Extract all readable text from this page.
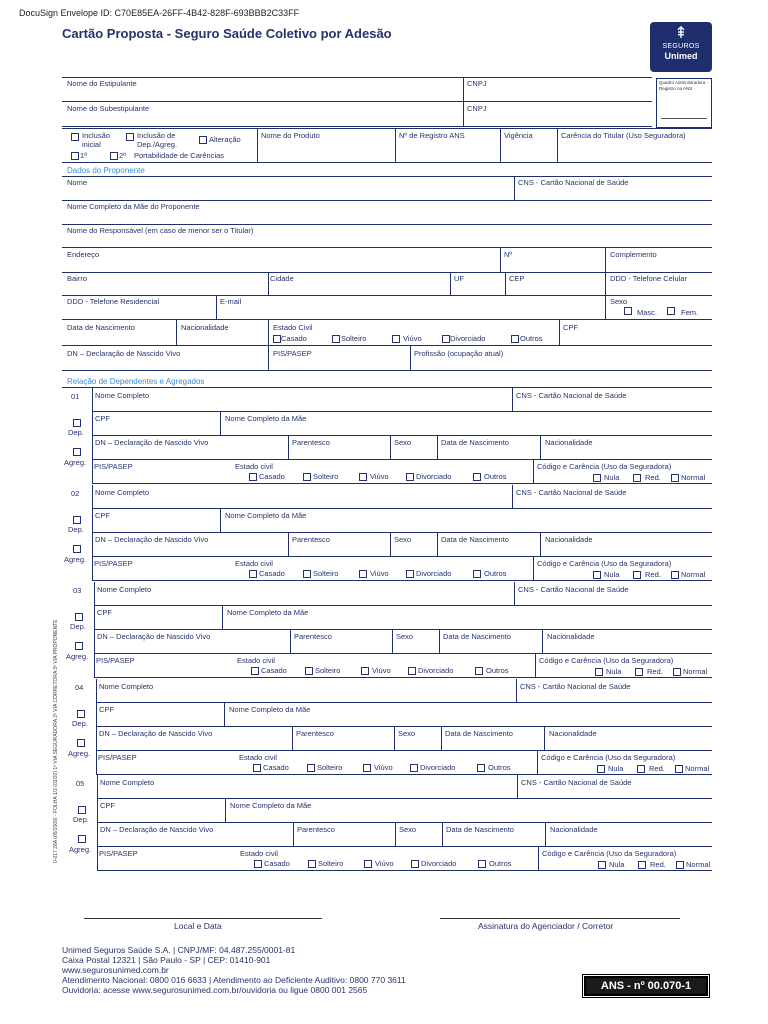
DocuSign Envelope ID: C70E85EA-26FF-4B42-828F-693BBB2C33FF
Cartão Proposta - Seguro Saúde Coletivo por Adesão	⇞
SEGUROS
Unimed
Quadro Administradora - Registro na ANS
Nome do Estipulante	CNPJ
Nome do Subestipulante	CNPJ
Inclusão inicial
Inclusão de Dep./Agreg.
Alteração
1ª	2ª Portabilidade de Carências
Nome do Produto	Nº de Registro ANS	Vigência	Carência do Titular (Uso Seguradora)
Dados do Proponente
Nome	CNS - Cartão Nacional de Saúde
Nome Completo da Mãe do Proponente
Nome do Responsável (em caso de menor ser o Titular)
Endereço	Nº	Complemento
Bairro	Cidade	UF	CEP	DDD - Telefone Celular
DDD - Telefone Residencial	E-mail	Sexo
Masc.	Fem.
Data de Nascimento	Nacionalidade	Estado Civil
Casado	Solteiro	Viúvo	Divorciado	Outros
CPF
DN – Declaração de Nascido Vivo	PIS/PASEP	Profissão (ocupação atual)
Relação de Dependentes e Agregados
01
Dep.
Agreg.
Nome Completo	CNS - Cartão Nacional de Saúde
CPF	Nome Completo da Mãe
DN – Declaração de Nascido Vivo	Parentesco	Sexo	Data de Nascimento	Nacionalidade
PIS/PASEP	Estado civil
Casado	Solteiro	Viúvo	Divorciado	Outros
Código e Carência (Uso da Seguradora)
Nula	Red.	Normal
02
Dep.
Agreg.
Nome Completo	CNS - Cartão Nacional de Saúde
CPF	Nome Completo da Mãe
DN – Declaração de Nascido Vivo	Parentesco	Sexo	Data de Nascimento	Nacionalidade
PIS/PASEP	Estado civil
Casado	Solteiro	Viúvo	Divorciado	Outros
Código e Carência (Uso da Seguradora)
Nula	Red.	Normal
03
Dep.
Agreg.
Nome Completo	CNS - Cartão Nacional de Saúde
CPF	Nome Completo da Mãe
DN – Declaração de Nascido Vivo	Parentesco	Sexo	Data de Nascimento	Nacionalidade
PIS/PASEP	Estado civil
Casado	Solteiro	Viúvo	Divorciado	Outros
Código e Carência (Uso da Seguradora)
Nula	Red.	Normal
04
Dep.
Agreg.
Nome Completo	CNS - Cartão Nacional de Saúde
CPF	Nome Completo da Mãe
DN – Declaração de Nascido Vivo	Parentesco	Sexo	Data de Nascimento	Nacionalidade
PIS/PASEP	Estado civil
Casado	Solteiro	Viúvo	Divorciado	Outros
Código e Carência (Uso da Seguradora)
Nula	Red.	Normal
05
Dep.
Agreg.
Nome Completo	CNS - Cartão Nacional de Saúde
CPF	Nome Completo da Mãe
DN – Declaração de Nascido Vivo	Parentesco	Sexo	Data de Nascimento	Nacionalidade
PIS/PASEP	Estado civil
Casado	Solteiro	Viúvo	Divorciado	Outros
Código e Carência (Uso da Seguradora)
Nula	Red.	Normal
0-017 28A (05/2009) - FOLHA 1/3 (03/20) 1ª VIA SEGURADORA 2ª VIA CORRETORA 3ª VIA PROPONENTE
Local e Data	Assinatura do Agenciador / Corretor
Unimed Seguros Saúde S.A. | CNPJ/MF: 04.487.255/0001-81
Caixa Postal 12321 | São Paulo - SP | CEP: 01410-901
www.segurosunimed.com.br
Atendimento Nacional: 0800 016 6633 | Atendimento ao Deficiente Auditivo: 0800 770 3611
Ouvidoria: acesse www.segurosunimed.com.br/ouvidoria ou ligue 0800 001 2565	ANS - nº 00.070-1
